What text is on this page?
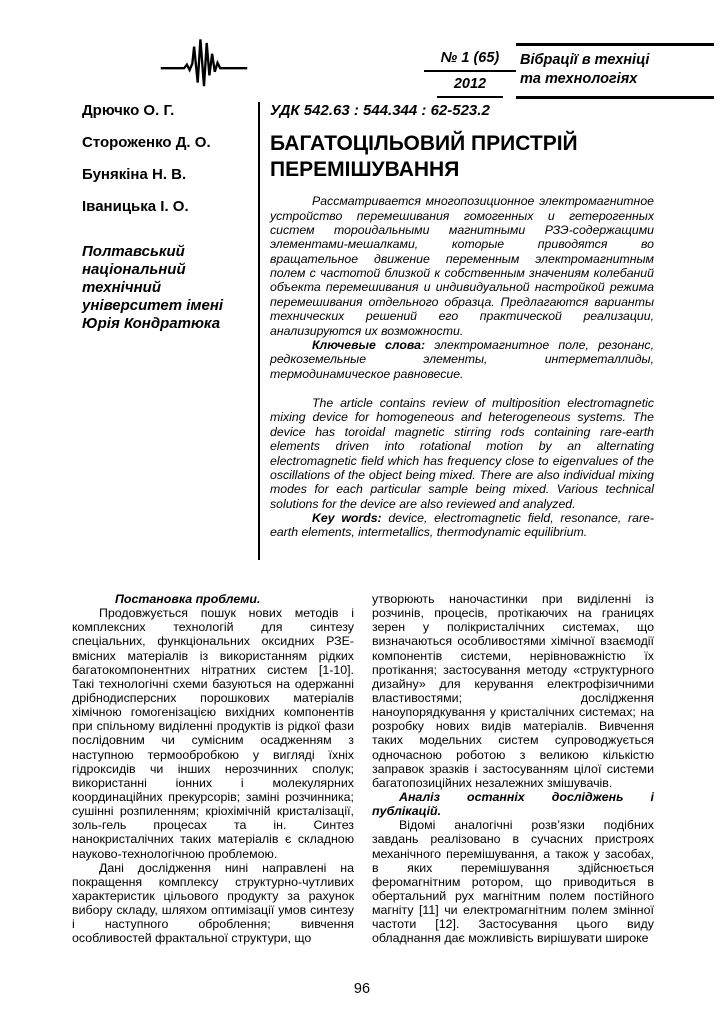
№ 1 (65)
2012
Вібрації в техніці
та технологіях
Дрючко О. Г.
Стороженко Д. О.
Бунякіна Н. В.
Іваницька І. О.
Полтавський національний технічний університет імені Юрія Кондратюка
УДК 542.63 : 544.344 : 62-523.2
БАГАТОЦІЛЬОВИЙ ПРИСТРІЙ
ПЕРЕМІШУВАННЯ

Рассматривается многопозиционное электромагнитное устройство перемешивания гомогенных и гетерогенных систем тороидальными магнитными РЗЭ-содержащими элементами-мешалками, которые приводятся во вращательное движение переменным электромагнитным полем с частотой близкой к собственным значениям колебаний объекта перемешивания и индивидуальной настройкой режима перемешивания отдельного образца. Предлагаются варианты технических решений его практической реализации, анализируются их возможности.

Ключевые слова: электромагнитное поле, резонанс, редкоземельные элементы, интерметаллиды, термодинамическое равновесие.

The article contains review of multiposition electromagnetic mixing device for homogeneous and heterogeneous systems. The device has toroidal magnetic stirring rods containing rare-earth elements driven into rotational motion by an alternating electromagnetic field which has frequency close to eigenvalues of the oscillations of the object being mixed. There are also individual mixing modes for each particular sample being mixed. Various technical solutions for the device are also reviewed and analyzed.

Key words: device, electromagnetic field, resonance, rare-earth elements, intermetallics, thermodynamic equilibrium.

Постановка проблеми.

Продовжується пошук нових методів і комплексних технологій для синтезу спеціальних, функціональних оксидних РЗЕ-вмісних матеріалів із використанням рідких багатокомпонентних нітратних систем [1-10]. Такі технологічні схеми базуються на одержанні дрібнодисперсних порошкових матеріалів хімічною гомогенізацією вихідних компонентів при спільному виділенні продуктів із рідкої фази послідовним чи сумісним осадженням з наступною термообробкою у вигляді їхніх гідроксидів чи інших нерозчинних сполук; використанні іонних і молекулярних координаційних прекурсорів; заміні розчинника; сушінні розпиленням; кріохімічній кристалізації, золь-гель процесах та ін. Синтез нанокристалічних таких матеріалів є складною науково-технологічною проблемою.

Дані дослідження нині направлені на покращення комплексу структурно-чутливих характеристик цільового продукту за рахунок вибору складу, шляхом оптимізації умов синтезу і наступного оброблення; вивчення особливостей фрактальної структури, що

утворюють наночастинки при виділенні із розчинів, процесів, протікаючих на границях зерен у полікристалічних системах, що визначаються особливостями хімічної взаємодії компонентів системи, нерівноважністю їх протікання; застосування методу «структурного дизайну» для керування електрофізичними властивостями; дослідження наноупорядкування у кристалічних системах; на розробку нових видів матеріалів. Вивчення таких модельних систем супроводжується одночасною роботою з великою кількістю заправок зразків і застосуванням цілої системи багатопозиційних незалежних змішувачів.

Аналіз останніх досліджень і публікацій.

Відомі аналогічні розв’язки подібних завдань реалізовано в сучасних пристроях механічного перемішування, а також у засобах, в яких перемішування здійснюється феромагнітним ротором, що приводиться в обертальний рух магнітним полем постійного магніту [11] чи електромагнітним полем змінної частоти [12]. Застосування цього виду обладнання дає можливість вирішувати широке

96
